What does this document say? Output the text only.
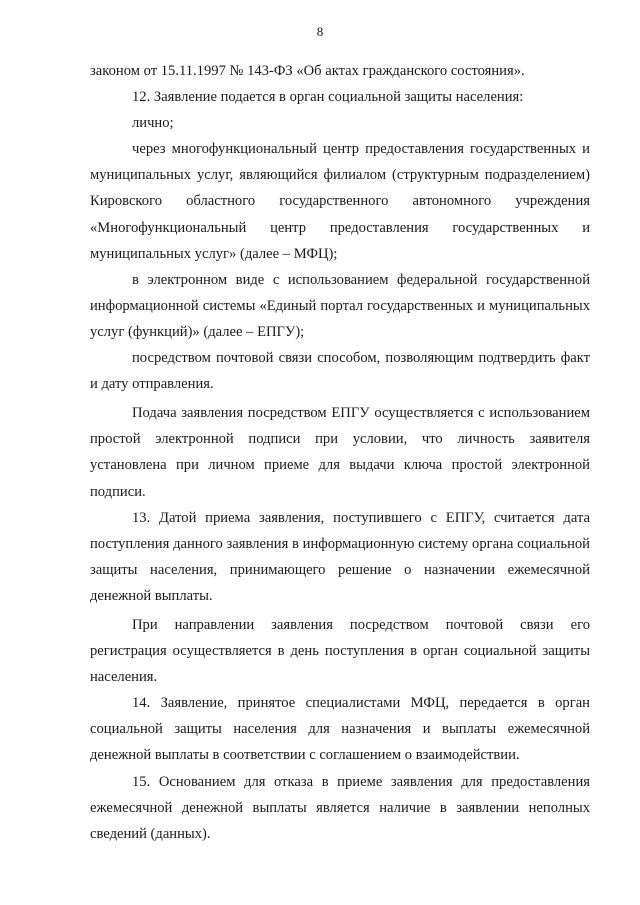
8

законом от 15.11.1997 № 143-ФЗ «Об актах гражданского состояния».

12. Заявление подается в орган социальной защиты населения:

лично;

через многофункциональный центр предоставления государственных и муниципальных услуг, являющийся филиалом (структурным подразделением) Кировского областного государственного автономного учреждения «Многофункциональный центр предоставления государственных и муниципальных услуг» (далее – МФЦ);

в электронном виде с использованием федеральной государственной информационной системы «Единый портал государственных и муниципальных услуг (функций)» (далее – ЕПГУ);

посредством почтовой связи способом, позволяющим подтвердить факт и дату отправления.

Подача заявления посредством ЕПГУ осуществляется с использованием простой электронной подписи при условии, что личность заявителя установлена при личном приеме для выдачи ключа простой электронной подписи.

13. Датой приема заявления, поступившего с ЕПГУ, считается дата поступления данного заявления в информационную систему органа социальной защиты населения, принимающего решение о назначении ежемесячной денежной выплаты.

При направлении заявления посредством почтовой связи его регистрация осуществляется в день поступления в орган социальной защиты населения.

14. Заявление, принятое специалистами МФЦ, передается в орган социальной защиты населения для назначения и выплаты ежемесячной денежной выплаты в соответствии с соглашением о взаимодействии.

15. Основанием для отказа в приеме заявления для предоставления ежемесячной денежной выплаты является наличие в заявлении неполных сведений (данных).
